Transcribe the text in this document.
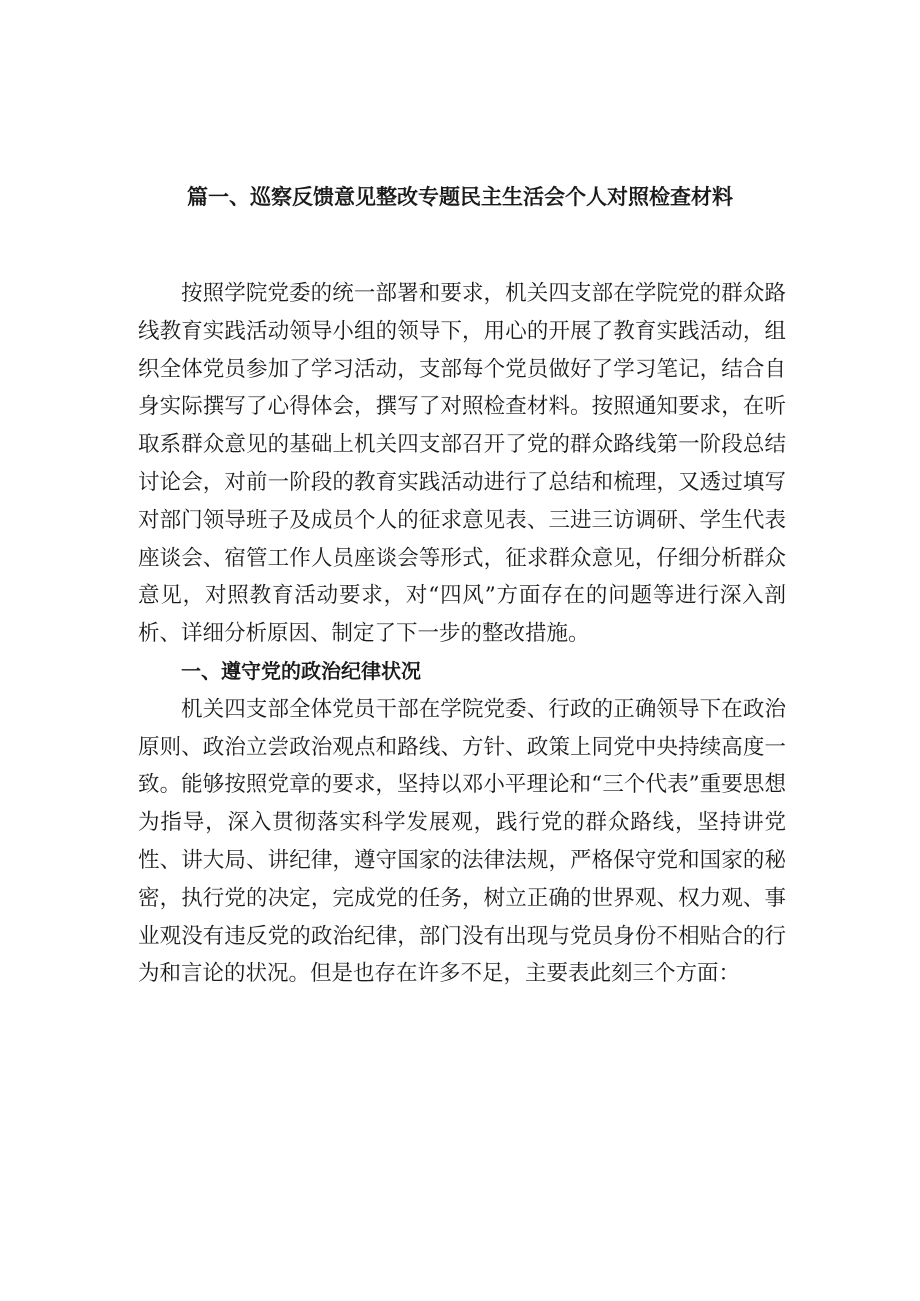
篇一、巡察反馈意见整改专题民主生活会个人对照检查材料

按照学院党委的统一部署和要求，机关四支部在学院党的群众路线教育实践活动领导小组的领导下，用心的开展了教育实践活动，组织全体党员参加了学习活动，支部每个党员做好了学习笔记，结合自身实际撰写了心得体会，撰写了对照检查材料。按照通知要求，在听取系群众意见的基础上机关四支部召开了党的群众路线第一阶段总结讨论会，对前一阶段的教育实践活动进行了总结和梳理，又透过填写对部门领导班子及成员个人的征求意见表、三进三访调研、学生代表座谈会、宿管工作人员座谈会等形式，征求群众意见，仔细分析群众意见，对照教育活动要求，对“四风”方面存在的问题等进行深入剖析、详细分析原因、制定了下一步的整改措施。

一、遵守党的政治纪律状况

机关四支部全体党员干部在学院党委、行政的正确领导下在政治原则、政治立尝政治观点和路线、方针、政策上同党中央持续高度一致。能够按照党章的要求，坚持以邓小平理论和“三个代表”重要思想为指导，深入贯彻落实科学发展观，践行党的群众路线，坚持讲党性、讲大局、讲纪律，遵守国家的法律法规，严格保守党和国家的秘密，执行党的决定，完成党的任务，树立正确的世界观、权力观、事业观没有违反党的政治纪律，部门没有出现与党员身份不相贴合的行为和言论的状况。但是也存在许多不足，主要表此刻三个方面：
